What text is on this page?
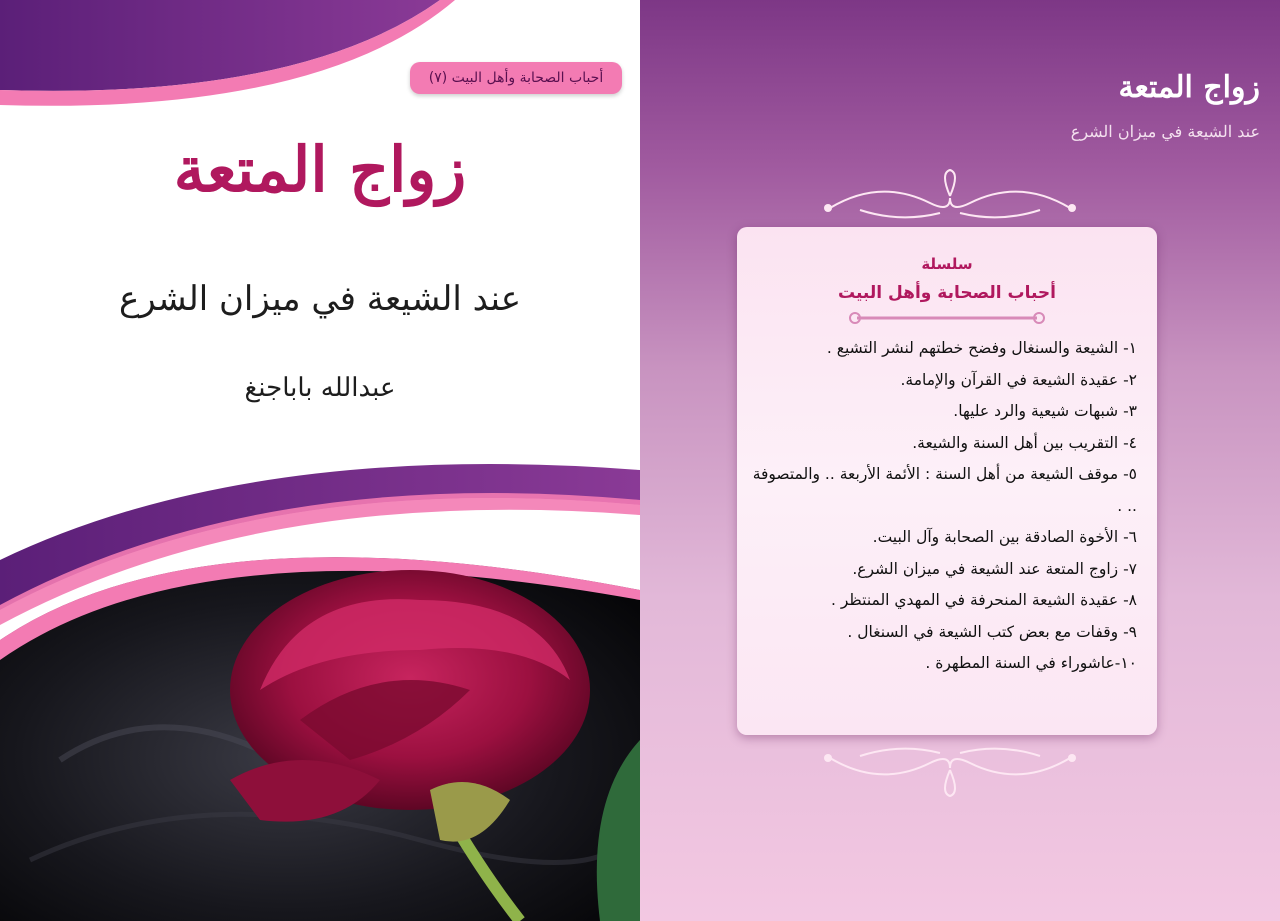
أحباب الصحابة وأهل البيت (٧)
زواج المتعة
عند الشيعة في ميزان الشرع
عبدالله باباجنغ
زواج المتعة
عند الشيعة في ميزان الشرع
سلسلة
أحباب الصحابة وأهل البيت
١- الشيعة والسنغال وفضح خطتهم لنشر التشيع .
٢- عقيدة الشيعة في القرآن والإمامة.
٣- شبهات شيعية والرد عليها.
٤- التقريب بين أهل السنة والشيعة.
٥- موقف الشيعة من أهل السنة : الأئمة الأربعة .. والمتصوفة .. .
٦- الأخوة الصادقة بين الصحابة وآل البيت.
٧- زاوج المتعة عند الشيعة في ميزان الشرع.
٨- عقيدة الشيعة المنحرفة في المهدي المنتظر .
٩- وقفات مع بعض كتب الشيعة في السنغال .
١٠-عاشوراء في السنة المطهرة .
